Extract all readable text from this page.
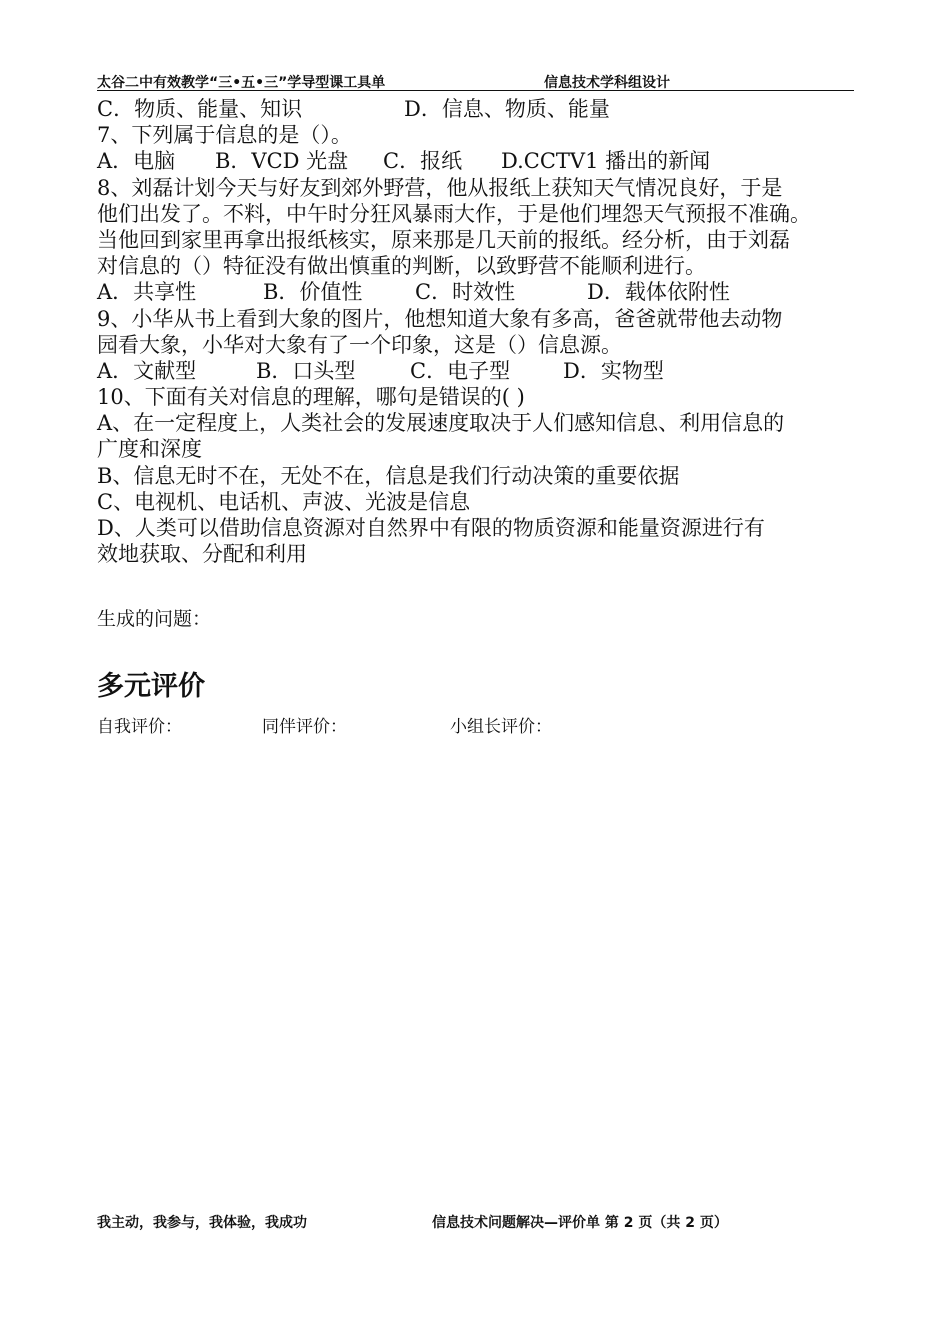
太谷二中有效教学“三•五•三”学导型课工具单	信息技术学科组设计
C．物质、能量、知识	D．信息、物质、能量
7、下列属于信息的是（）。
A．电脑 B．VCD 光盘 C．报纸 D.CCTV1 播出的新闻
8、刘磊计划今天与好友到郊外野营，他从报纸上获知天气情况良好，于是
他们出发了。不料，中午时分狂风暴雨大作，于是他们埋怨天气预报不准确。
当他回到家里再拿出报纸核实，原来那是几天前的报纸。经分析，由于刘磊
对信息的（）特征没有做出慎重的判断，以致野营不能顺利进行。
A．共享性	B．价值性	C．时效性	D．载体依附性
9、小华从书上看到大象的图片，他想知道大象有多高，爸爸就带他去动物
园看大象，小华对大象有了一个印象，这是（）信息源。
A．文献型	B．口头型	C．电子型	D．实物型
10、下面有关对信息的理解，哪句是错误的( )
A、在一定程度上，人类社会的发展速度取决于人们感知信息、利用信息的
广度和深度
B、信息无时不在，无处不在，信息是我们行动决策的重要依据
C、电视机、电话机、声波、光波是信息
D、人类可以借助信息资源对自然界中有限的物质资源和能量资源进行有
效地获取、分配和利用
生成的问题：
多元评价
自我评价：	同伴评价：	小组长评价：
我主动，我参与，我体验，我成功	信息技术问题解决—评价单 第 2 页（共 2 页）
